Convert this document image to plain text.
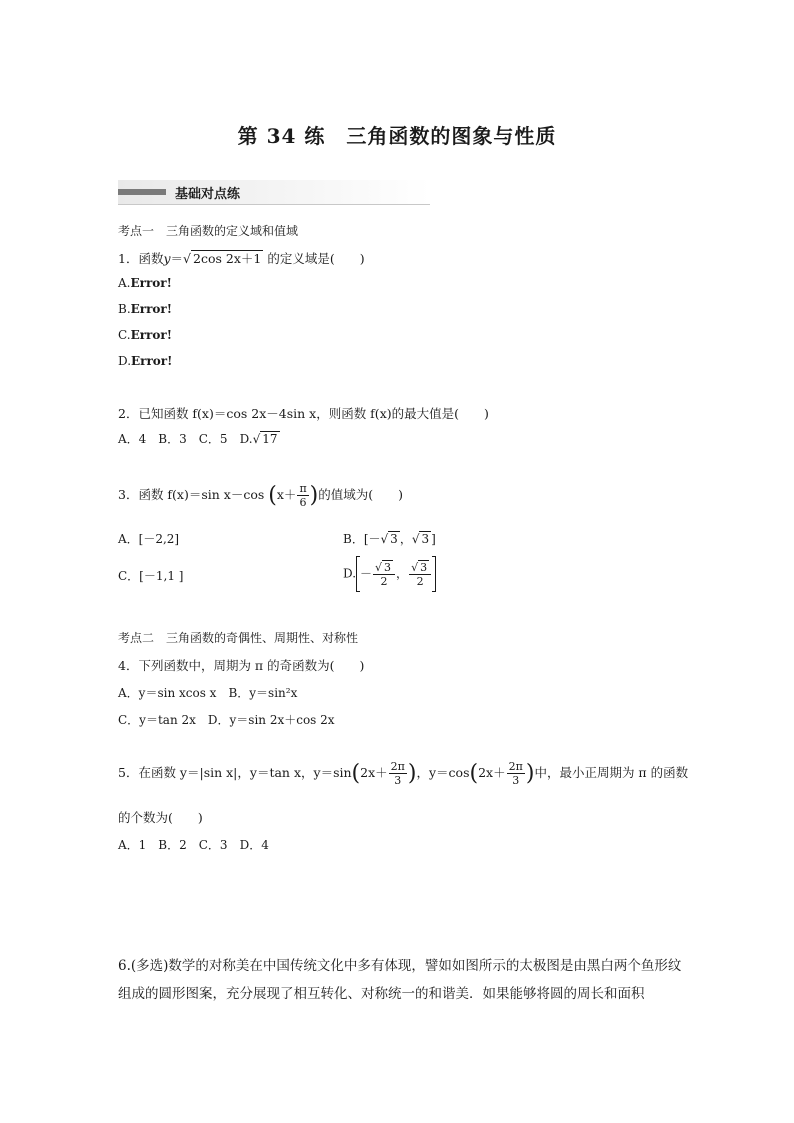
第 34 练　三角函数的图象与性质
基础对点练
考点一　三角函数的定义域和值域
1．函数y＝√ 2cos 2x＋1 的定义域是(　　)
A.Error!
B.Error!
C.Error!
D.Error!
2．已知函数 f(x)＝cos 2x－4sin x，则函数 f(x)的最大值是(　　)
A．4　B．3　C．5　D.√ 17
3．函数 f(x)＝sin x－cos ($x+ \frac{\pi}{6}$ )的值域为(　　)
A．[－2,2]	B．[－√ 3 ，√ 3 ]
C．[－1,1 ]	D. － $\frac{√ 3}{2}$ ， $\frac{√ 3}{2}$
考点二　三角函数的奇偶性、周期性、对称性
4．下列函数中，周期为 π 的奇函数为(　　)
A．y＝sin xcos x　B．y＝sin²x
C．y＝tan 2x　D．y＝sin 2x＋cos 2x
5．在函数 y＝|sin x|，y＝tan x，$y=\sin(2x+ \frac{2\pi}{3}$ )，$y=\cos(2x+ \frac{2\pi}{3}$ )中，最小正周期为 π 的函数
的个数为(　　)
A．1　B．2　C．3　D．4
6.(多选)数学的对称美在中国传统文化中多有体现，譬如如图所示的太极图是由黑白两个鱼形纹组成的圆形图案，充分展现了相互转化、对称统一的和谐美．如果能够将圆的周长和面积
